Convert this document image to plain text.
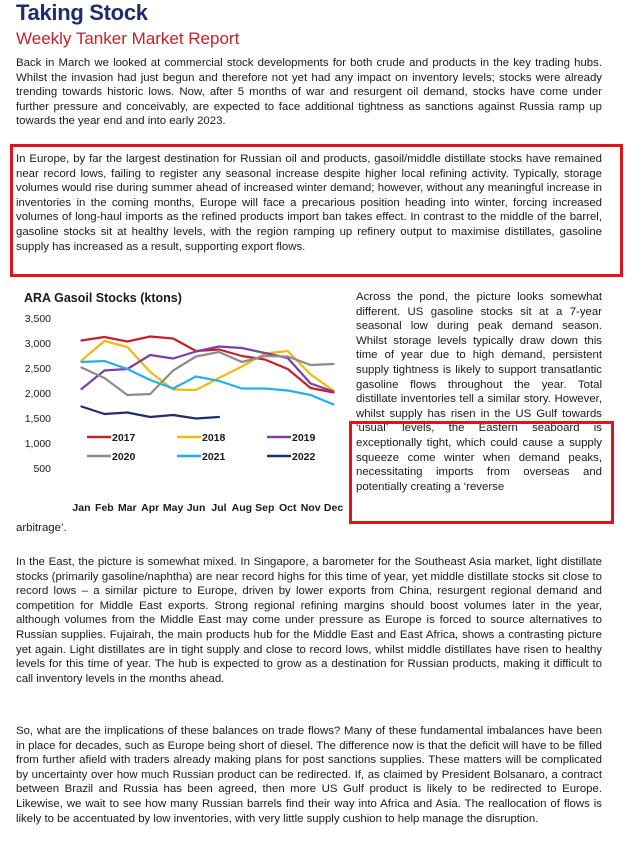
Taking Stock
Weekly Tanker Market Report

Back in March we looked at commercial stock developments for both crude and products in the key trading hubs. Whilst the invasion had just begun and therefore not yet had any impact on inventory levels; stocks were already trending towards historic lows. Now, after 5 months of war and resurgent oil demand, stocks have come under further pressure and conceivably, are expected to face additional tightness as sanctions against Russia ramp up towards the year end and into early 2023.

In Europe, by far the largest destination for Russian oil and products, gasoil/middle distillate stocks have remained near record lows, failing to register any seasonal increase despite higher local refining activity. Typically, storage volumes would rise during summer ahead of increased winter demand; however, without any meaningful increase in inventories in the coming months, Europe will face a precarious position heading into winter, forcing increased volumes of long-haul imports as the refined products import ban takes effect. In contrast to the middle of the barrel, gasoline stocks sit at healthy levels, with the region ramping up refinery output to maximise distillates, gasoline supply has increased as a result, supporting export flows.

ARA Gasoil Stocks (ktons)
3,500
3,000
2,500
2,000
1,500
1,000
500
Jan Feb Mar Apr May Jun Jul Aug Sep Oct Nov Dec
2017	2018	2019
2020	2021	2022

Across the pond, the picture looks somewhat different. US gasoline stocks sit at a 7-year seasonal low during peak demand season. Whilst storage levels typically draw down this time of year due to high demand, persistent supply tightness is likely to support transatlantic gasoline flows throughout the year. Total distillate inventories tell a similar story. However, whilst supply has risen in the US Gulf towards ‘usual’ levels, the Eastern seaboard is exceptionally tight, which could cause a supply squeeze come winter when demand peaks, necessitating imports from overseas and potentially creating a ‘reverse

arbitrage’.

In the East, the picture is somewhat mixed. In Singapore, a barometer for the Southeast Asia market, light distillate stocks (primarily gasoline/naphtha) are near record highs for this time of year, yet middle distillate stocks sit close to record lows – a similar picture to Europe, driven by lower exports from China, resurgent regional demand and competition for Middle East exports. Strong regional refining margins should boost volumes later in the year, although volumes from the Middle East may come under pressure as Europe is forced to source alternatives to Russian supplies. Fujairah, the main products hub for the Middle East and East Africa, shows a contrasting picture yet again. Light distillates are in tight supply and close to record lows, whilst middle distillates have risen to healthy levels for this time of year. The hub is expected to grow as a destination for Russian products, making it difficult to call inventory levels in the months ahead.

So, what are the implications of these balances on trade flows? Many of these fundamental imbalances have been in place for decades, such as Europe being short of diesel. The difference now is that the deficit will have to be filled from further afield with traders already making plans for post sanctions supplies. These matters will be complicated by uncertainty over how much Russian product can be redirected. If, as claimed by President Bolsanaro, a contract between Brazil and Russia has been agreed, then more US Gulf product is likely to be redirected to Europe. Likewise, we wait to see how many Russian barrels find their way into Africa and Asia. The reallocation of flows is likely to be accentuated by low inventories, with very little supply cushion to help manage the disruption.
